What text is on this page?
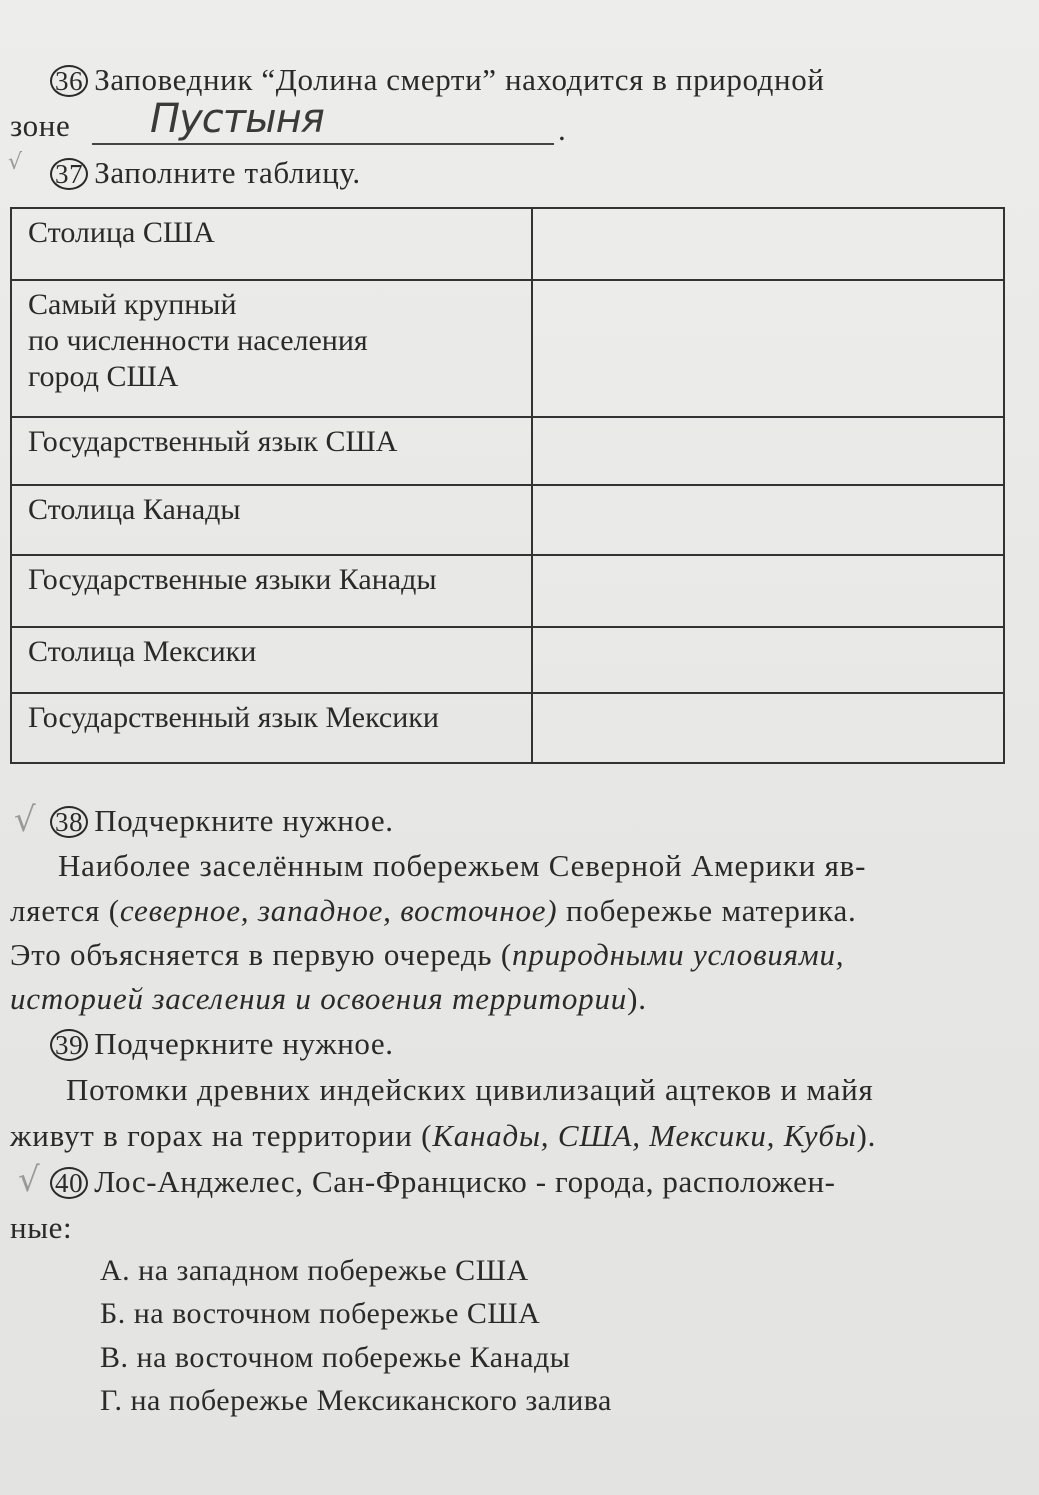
36 Заповедник “Долина смерти” находится в природной
зоне Пустыня	.
√ 37 Заполните таблицу.
Столица США	

Самый крупный
по численности населения
город США	

Государственный язык США	

Столица Канады	

Государственные языки Канады	

Столица Мексики	

Государственный язык Мексики	

√ 38 Подчеркните нужное.
Наиболее заселённым побережьем Северной Америки яв-
ляется (северное, западное, восточное) побережье материка.
Это объясняется в первую очередь (природными условиями,
историей заселения и освоения территории).
39 Подчеркните нужное.
Потомки древних индейских цивилизаций ацтеков и майя
живут в горах на территории (Канады, США, Мексики, Кубы).
√ 40 Лос-Анджелес, Сан-Франциско - города, расположен-
ные:
А. на западном побережье США
Б. на восточном побережье США
В. на восточном побережье Канады
Г. на побережье Мексиканского залива
